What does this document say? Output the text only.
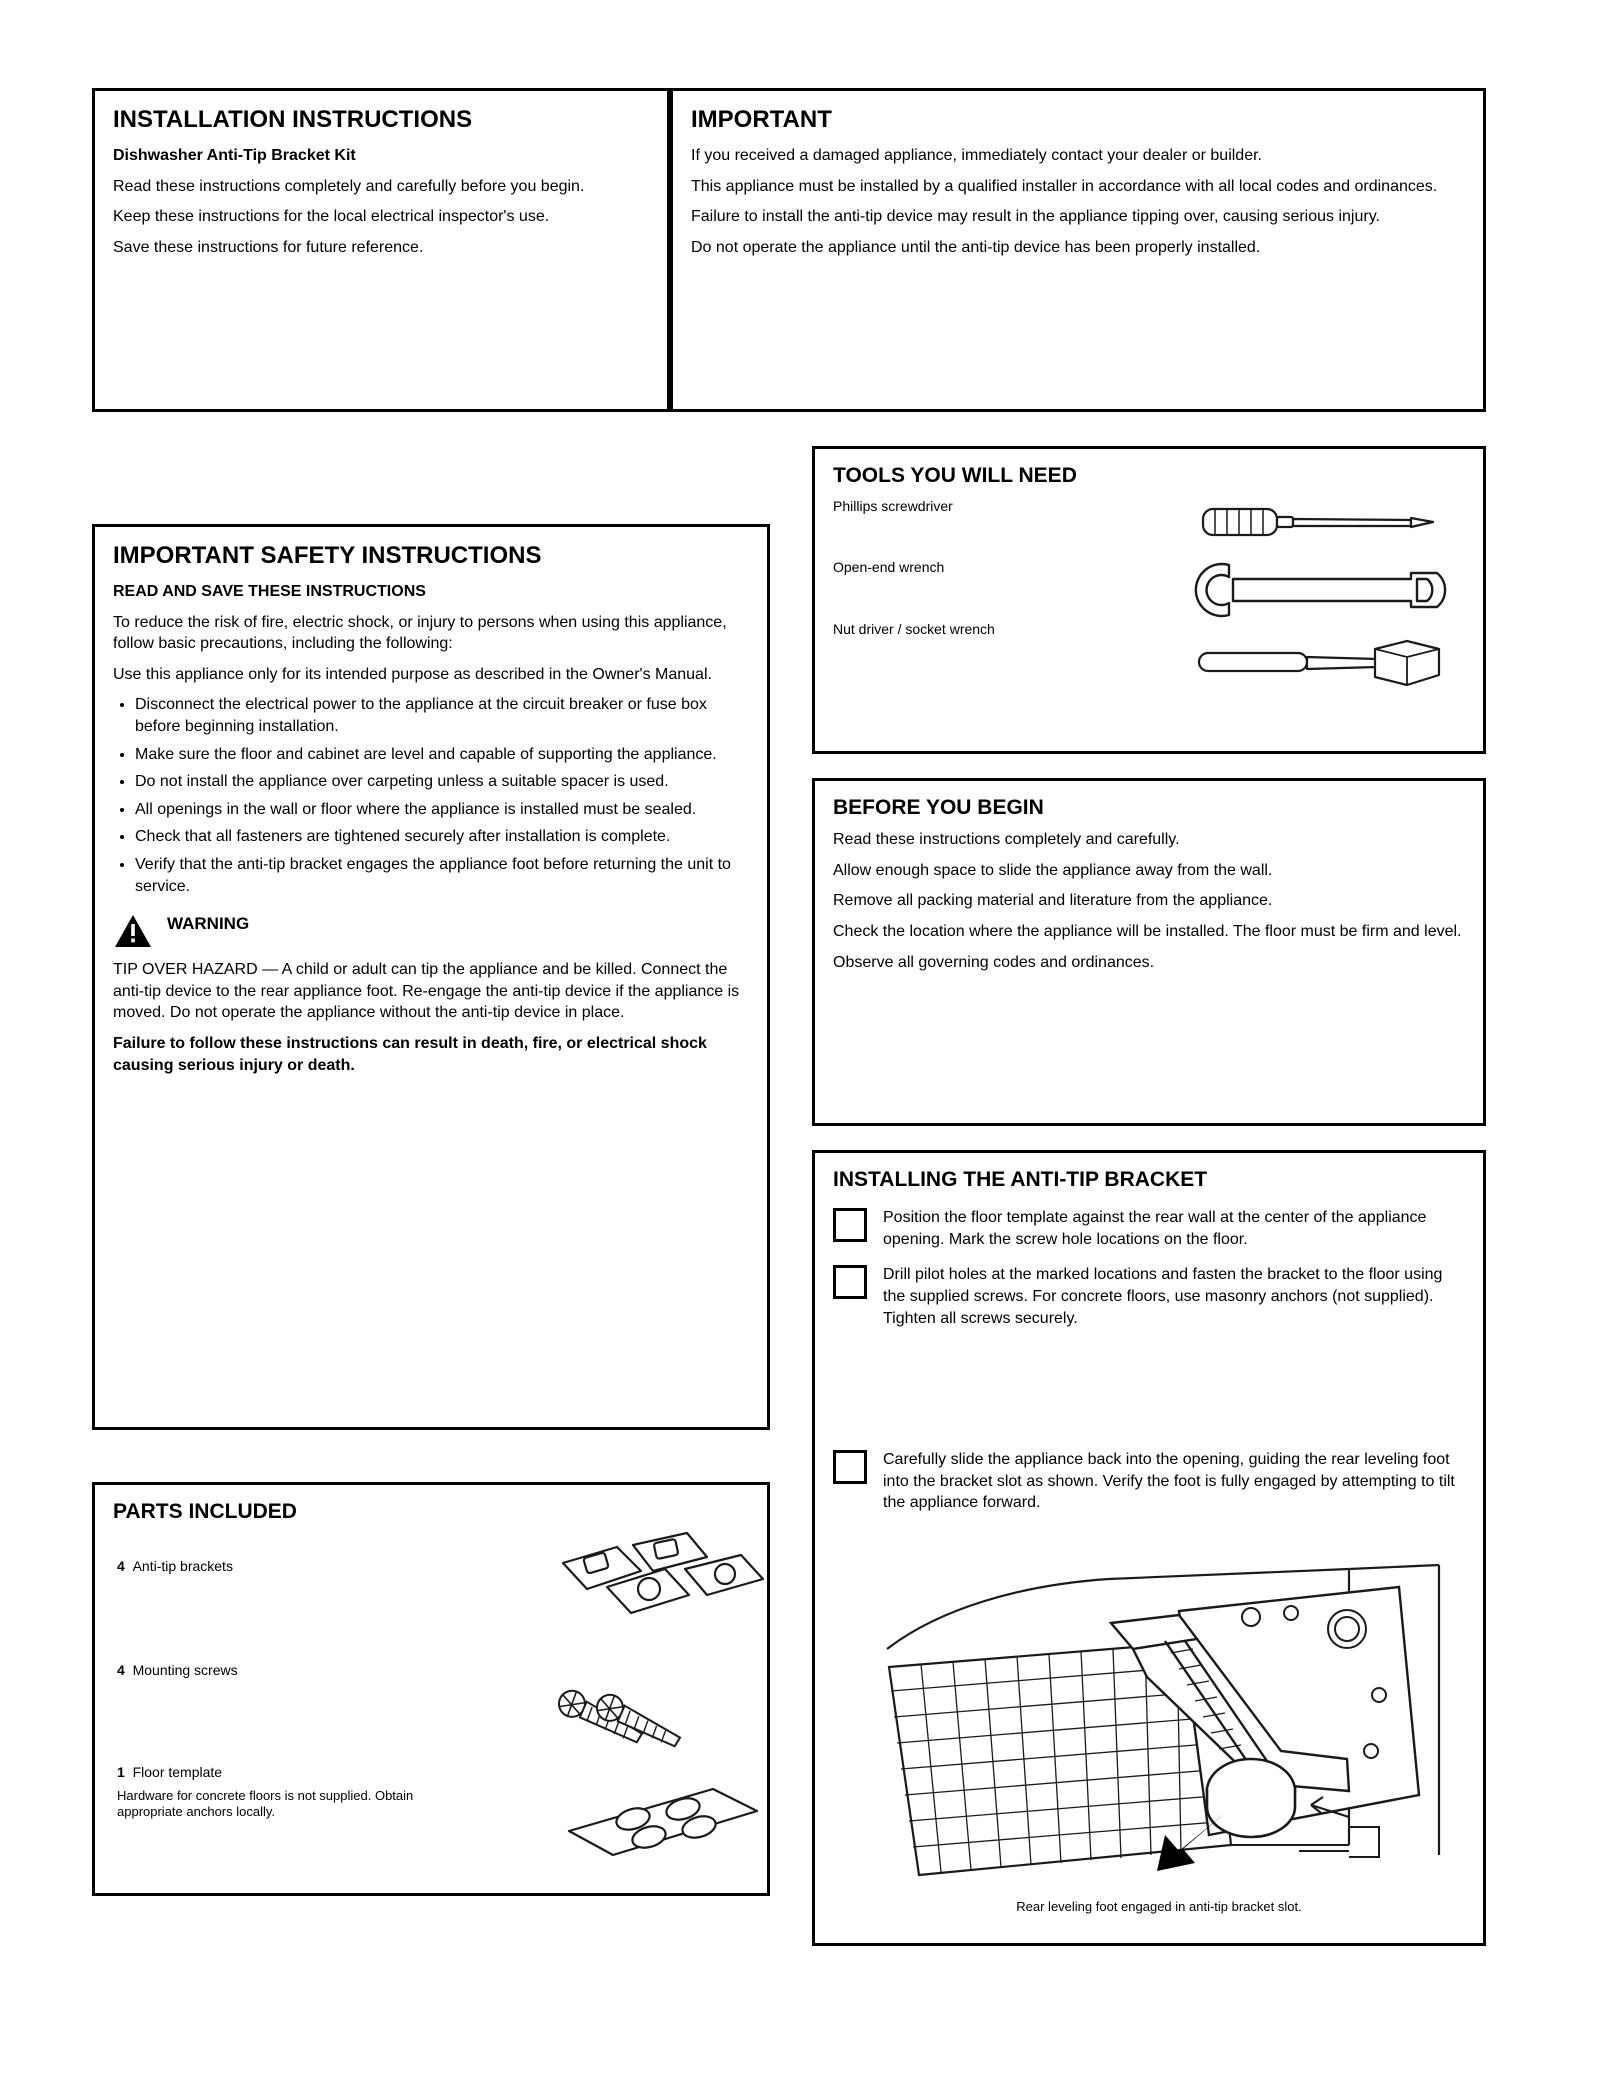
INSTALLATION INSTRUCTIONS
Dishwasher Anti-Tip Bracket Kit
Read these instructions completely and carefully before you begin.
Keep these instructions for the local electrical inspector's use.
Save these instructions for future reference.
IMPORTANT
If you received a damaged appliance, immediately contact your dealer or builder.
This appliance must be installed by a qualified installer in accordance with all local codes and ordinances.
Failure to install the anti-tip device may result in the appliance tipping over, causing serious injury.
Do not operate the appliance until the anti-tip device has been properly installed.
IMPORTANT SAFETY INSTRUCTIONS
READ AND SAVE THESE INSTRUCTIONS
To reduce the risk of fire, electric shock, or injury to persons when using this appliance, follow basic precautions, including the following:
Use this appliance only for its intended purpose as described in the Owner's Manual.
• Disconnect the electrical power to the appliance at the circuit breaker or fuse box before beginning installation.
• Make sure the floor and cabinet are level and capable of supporting the appliance.
• Do not install the appliance over carpeting unless a suitable spacer is used.
• All openings in the wall or floor where the appliance is installed must be sealed.
• Check that all fasteners are tightened securely after installation is complete.
• Verify that the anti-tip bracket engages the appliance foot before returning the unit to service.
WARNING
TIP OVER HAZARD — A child or adult can tip the appliance and be killed. Connect the anti-tip device to the rear appliance foot. Re-engage the anti-tip device if the appliance is moved. Do not operate the appliance without the anti-tip device in place.
Failure to follow these instructions can result in death, fire, or electrical shock causing serious injury or death.
PARTS INCLUDED
4 Anti-tip brackets
4 Mounting screws
1 Floor template
Hardware for concrete floors is not supplied. Obtain appropriate anchors locally.
TOOLS YOU WILL NEED
Phillips screwdriver
Open-end wrench
Nut driver / socket wrench
BEFORE YOU BEGIN
Read these instructions completely and carefully.
Allow enough space to slide the appliance away from the wall.
Remove all packing material and literature from the appliance.
Check the location where the appliance will be installed. The floor must be firm and level.
Observe all governing codes and ordinances.
INSTALLING THE ANTI-TIP BRACKET
Position the floor template against the rear wall at the center of the appliance opening. Mark the screw hole locations on the floor.
Drill pilot holes at the marked locations and fasten the bracket to the floor using the supplied screws. For concrete floors, use masonry anchors (not supplied). Tighten all screws securely.
Carefully slide the appliance back into the opening, guiding the rear leveling foot into the bracket slot as shown. Verify the foot is fully engaged by attempting to tilt the appliance forward.
Rear leveling foot engaged in anti-tip bracket slot.
